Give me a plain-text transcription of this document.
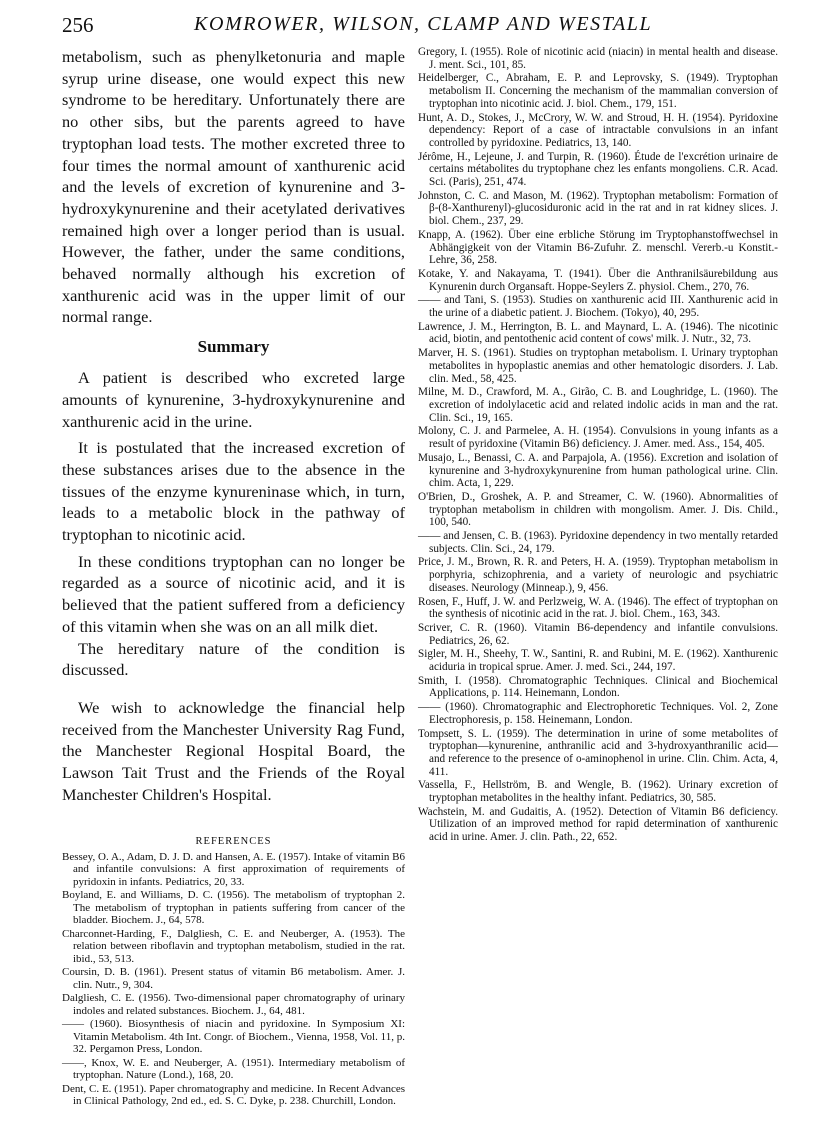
256	KOMROWER, WILSON, CLAMP AND WESTALL

metabolism, such as phenylketonuria and maple syrup urine disease, one would expect this new syndrome to be hereditary. Unfortunately there are no other sibs, but the parents agreed to have tryptophan load tests. The mother excreted three to four times the normal amount of xanthurenic acid and the levels of excretion of kynurenine and 3-hydroxykynurenine and their acetylated derivatives remained high over a longer period than is usual. However, the father, under the same conditions, behaved normally although his excretion of xanthurenic acid was in the upper limit of our normal range.

Summary

A patient is described who excreted large amounts of kynurenine, 3-hydroxykynurenine and xanthurenic acid in the urine.

It is postulated that the increased excretion of these substances arises due to the absence in the tissues of the enzyme kynureninase which, in turn, leads to a metabolic block in the pathway of tryptophan to nicotinic acid.

In these conditions tryptophan can no longer be regarded as a source of nicotinic acid, and it is believed that the patient suffered from a deficiency of this vitamin when she was on an all milk diet.

The hereditary nature of the condition is discussed.

We wish to acknowledge the financial help received from the Manchester University Rag Fund, the Manchester Regional Hospital Board, the Lawson Tait Trust and the Friends of the Royal Manchester Children's Hospital.

REFERENCES

Bessey, O. A., Adam, D. J. D. and Hansen, A. E. (1957). Intake of vitamin B6 and infantile convulsions: A first approximation of requirements of pyridoxin in infants. Pediatrics, 20, 33.

Boyland, E. and Williams, D. C. (1956). The metabolism of tryptophan 2. The metabolism of tryptophan in patients suffering from cancer of the bladder. Biochem. J., 64, 578.

Charconnet-Harding, F., Dalgliesh, C. E. and Neuberger, A. (1953). The relation between riboflavin and tryptophan metabolism, studied in the rat. ibid., 53, 513.

Coursin, D. B. (1961). Present status of vitamin B6 metabolism. Amer. J. clin. Nutr., 9, 304.

Dalgliesh, C. E. (1956). Two-dimensional paper chromatography of urinary indoles and related substances. Biochem. J., 64, 481.

—— (1960). Biosynthesis of niacin and pyridoxine. In Symposium XI: Vitamin Metabolism. 4th Int. Congr. of Biochem., Vienna, 1958, Vol. 11, p. 32. Pergamon Press, London.

——, Knox, W. E. and Neuberger, A. (1951). Intermediary metabolism of tryptophan. Nature (Lond.), 168, 20.

Dent, C. E. (1951). Paper chromatography and medicine. In Recent Advances in Clinical Pathology, 2nd ed., ed. S. C. Dyke, p. 238. Churchill, London.

Gregory, I. (1955). Role of nicotinic acid (niacin) in mental health and disease. J. ment. Sci., 101, 85.

Heidelberger, C., Abraham, E. P. and Leprovsky, S. (1949). Tryptophan metabolism II. Concerning the mechanism of the mammalian conversion of tryptophan into nicotinic acid. J. biol. Chem., 179, 151.

Hunt, A. D., Stokes, J., McCrory, W. W. and Stroud, H. H. (1954). Pyridoxine dependency: Report of a case of intractable convulsions in an infant controlled by pyridoxine. Pediatrics, 13, 140.

Jérôme, H., Lejeune, J. and Turpin, R. (1960). Étude de l'excrétion urinaire de certains métabolites du tryptophane chez les enfants mongoliens. C.R. Acad. Sci. (Paris), 251, 474.

Johnston, C. C. and Mason, M. (1962). Tryptophan metabolism: Formation of β-(8-Xanthurenyl)-glucosiduronic acid in the rat and in rat kidney slices. J. biol. Chem., 237, 29.

Knapp, A. (1962). Über eine erbliche Störung im Tryptophanstoffwechsel in Abhängigkeit von der Vitamin B6-Zufuhr. Z. menschl. Vererb.-u Konstit.-Lehre, 36, 258.

Kotake, Y. and Nakayama, T. (1941). Über die Anthranilsäurebildung aus Kynurenin durch Organsaft. Hoppe-Seylers Z. physiol. Chem., 270, 76.

—— and Tani, S. (1953). Studies on xanthurenic acid III. Xanthurenic acid in the urine of a diabetic patient. J. Biochem. (Tokyo), 40, 295.

Lawrence, J. M., Herrington, B. L. and Maynard, L. A. (1946). The nicotinic acid, biotin, and pentothenic acid content of cows' milk. J. Nutr., 32, 73.

Marver, H. S. (1961). Studies on tryptophan metabolism. I. Urinary tryptophan metabolites in hypoplastic anemias and other hematologic disorders. J. Lab. clin. Med., 58, 425.

Milne, M. D., Crawford, M. A., Girão, C. B. and Loughridge, L. (1960). The excretion of indolylacetic acid and related indolic acids in man and the rat. Clin. Sci., 19, 165.

Molony, C. J. and Parmelee, A. H. (1954). Convulsions in young infants as a result of pyridoxine (Vitamin B6) deficiency. J. Amer. med. Ass., 154, 405.

Musajo, L., Benassi, C. A. and Parpajola, A. (1956). Excretion and isolation of kynurenine and 3-hydroxykynurenine from human pathological urine. Clin. chim. Acta, 1, 229.

O'Brien, D., Groshek, A. P. and Streamer, C. W. (1960). Abnormalities of tryptophan metabolism in children with mongolism. Amer. J. Dis. Child., 100, 540.

—— and Jensen, C. B. (1963). Pyridoxine dependency in two mentally retarded subjects. Clin. Sci., 24, 179.

Price, J. M., Brown, R. R. and Peters, H. A. (1959). Tryptophan metabolism in porphyria, schizophrenia, and a variety of neurologic and psychiatric diseases. Neurology (Minneap.), 9, 456.

Rosen, F., Huff, J. W. and Perlzweig, W. A. (1946). The effect of tryptophan on the synthesis of nicotinic acid in the rat. J. biol. Chem., 163, 343.

Scriver, C. R. (1960). Vitamin B6-dependency and infantile convulsions. Pediatrics, 26, 62.

Sigler, M. H., Sheehy, T. W., Santini, R. and Rubini, M. E. (1962). Xanthurenic aciduria in tropical sprue. Amer. J. med. Sci., 244, 197.

Smith, I. (1958). Chromatographic Techniques. Clinical and Biochemical Applications, p. 114. Heinemann, London.

—— (1960). Chromatographic and Electrophoretic Techniques. Vol. 2, Zone Electrophoresis, p. 158. Heinemann, London.

Tompsett, S. L. (1959). The determination in urine of some metabolites of tryptophan—kynurenine, anthranilic acid and 3-hydroxyanthranilic acid—and reference to the presence of o-aminophenol in urine. Clin. Chim. Acta, 4, 411.

Vassella, F., Hellström, B. and Wengle, B. (1962). Urinary excretion of tryptophan metabolites in the healthy infant. Pediatrics, 30, 585.

Wachstein, M. and Gudaitis, A. (1952). Detection of Vitamin B6 deficiency. Utilization of an improved method for rapid determination of xanthurenic acid in urine. Amer. J. clin. Path., 22, 652.
